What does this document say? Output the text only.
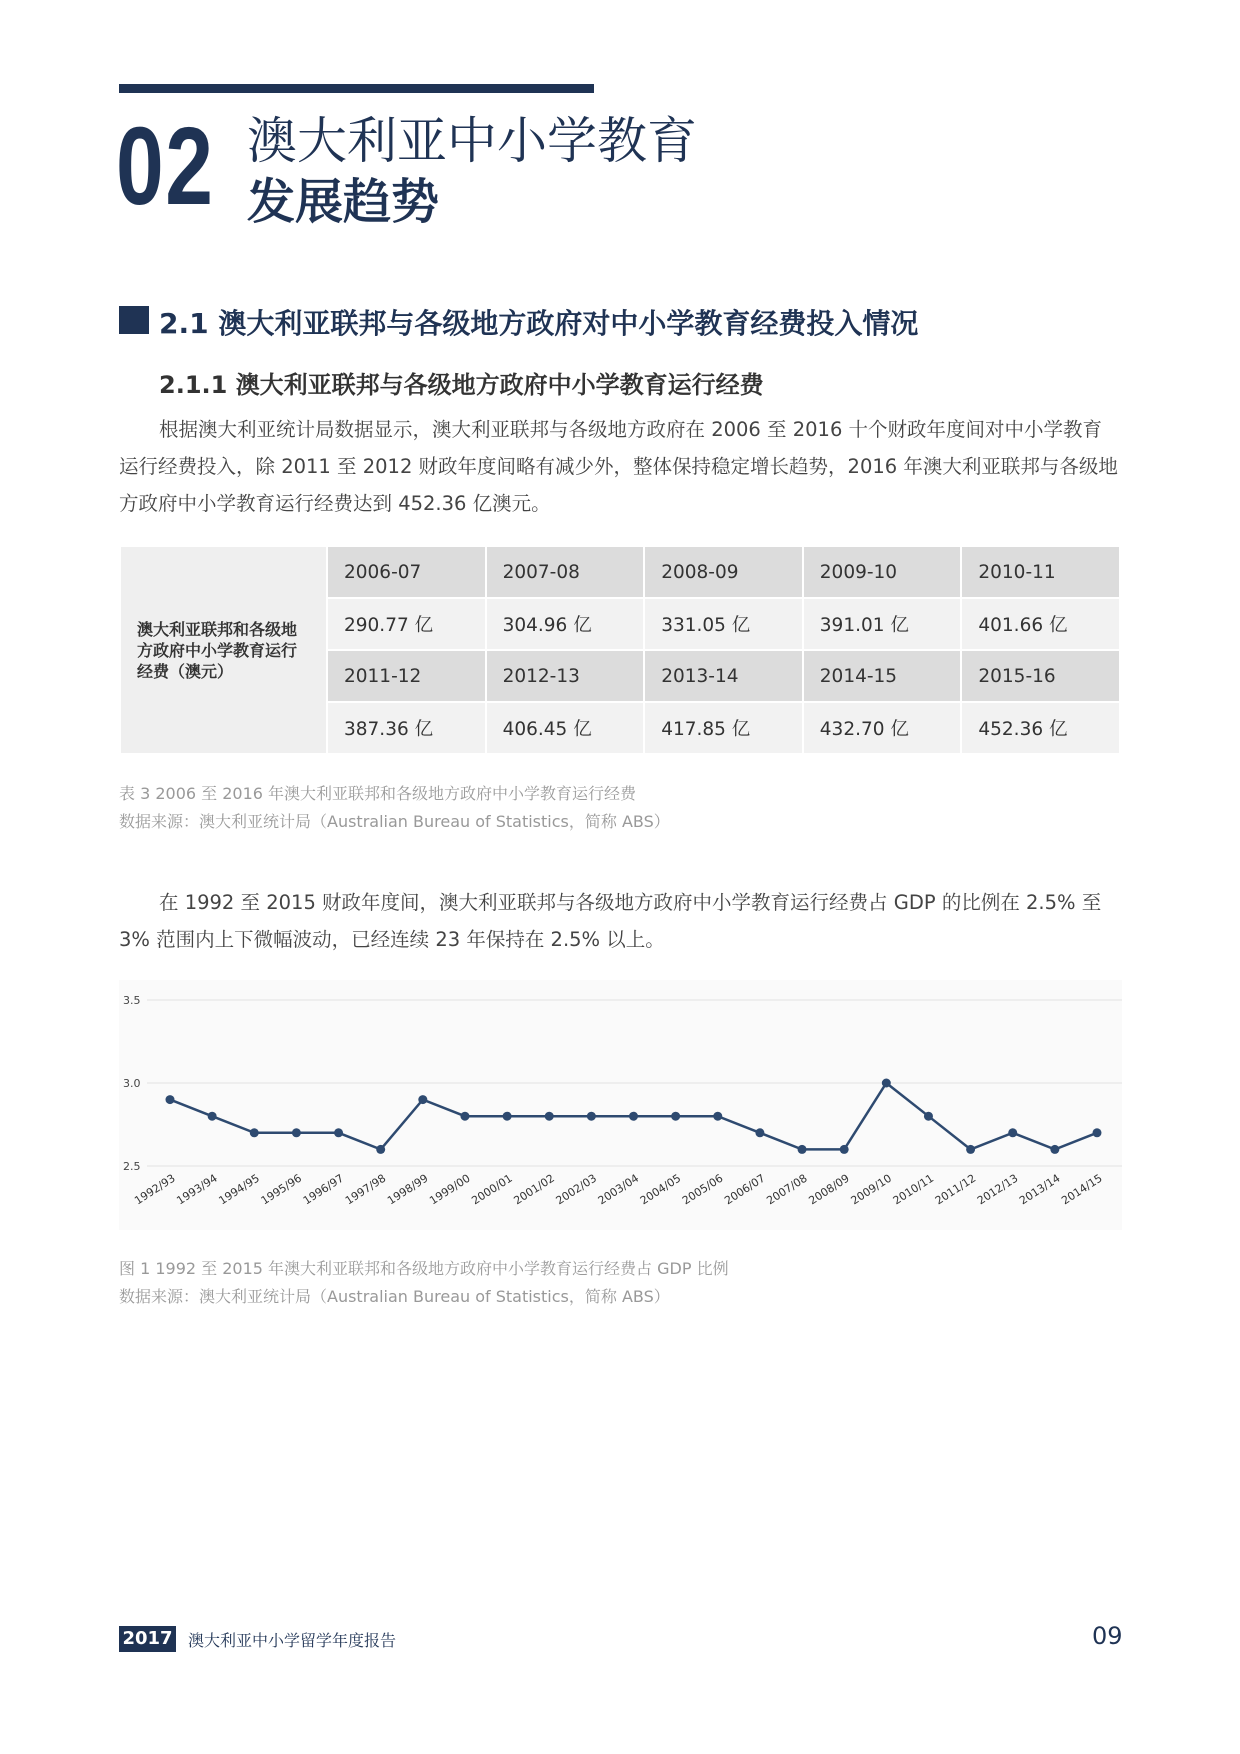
02 澳大利亚中小学教育
发展趋势
2.1 澳大利亚联邦与各级地方政府对中小学教育经费投入情况
2.1.1 澳大利亚联邦与各级地方政府中小学教育运行经费

根据澳大利亚统计局数据显示，澳大利亚联邦与各级地方政府在 2006 至 2016 十个财政年度间对中小学教育运行经费投入，除 2011 至 2012 财政年度间略有减少外，整体保持稳定增长趋势，2016 年澳大利亚联邦与各级地方政府中小学教育运行经费达到 452.36 亿澳元。

澳大利亚联邦和各级地方政府中小学教育运行经费（澳元）	2006-07	2007-08	2008-09	2009-10	2010-11
	290.77 亿	304.96 亿	331.05 亿	391.01 亿	401.66 亿
	2011-12	2012-13	2013-14	2014-15	2015-16
	387.36 亿	406.45 亿	417.85 亿	432.70 亿	452.36 亿
表 3 2006 至 2016 年澳大利亚联邦和各级地方政府中小学教育运行经费
数据来源：澳大利亚统计局（Australian Bureau of Statistics，简称 ABS）

在 1992 至 2015 财政年度间，澳大利亚联邦与各级地方政府中小学教育运行经费占 GDP 的比例在 2.5% 至 3% 范围内上下微幅波动，已经连续 23 年保持在 2.5% 以上。

3.5
3.0
2.5
1992/93
1993/94
1994/95
1995/96
1996/97
1997/98
1998/99
1999/00
2000/01
2001/02
2002/03
2003/04
2004/05
2005/06
2006/07
2007/08
2008/09
2009/10
2010/11
2011/12
2012/13
2013/14
2014/15
图 1 1992 至 2015 年澳大利亚联邦和各级地方政府中小学教育运行经费占 GDP 比例
数据来源：澳大利亚统计局（Australian Bureau of Statistics，简称 ABS）
2017 澳大利亚中小学留学年度报告	09
